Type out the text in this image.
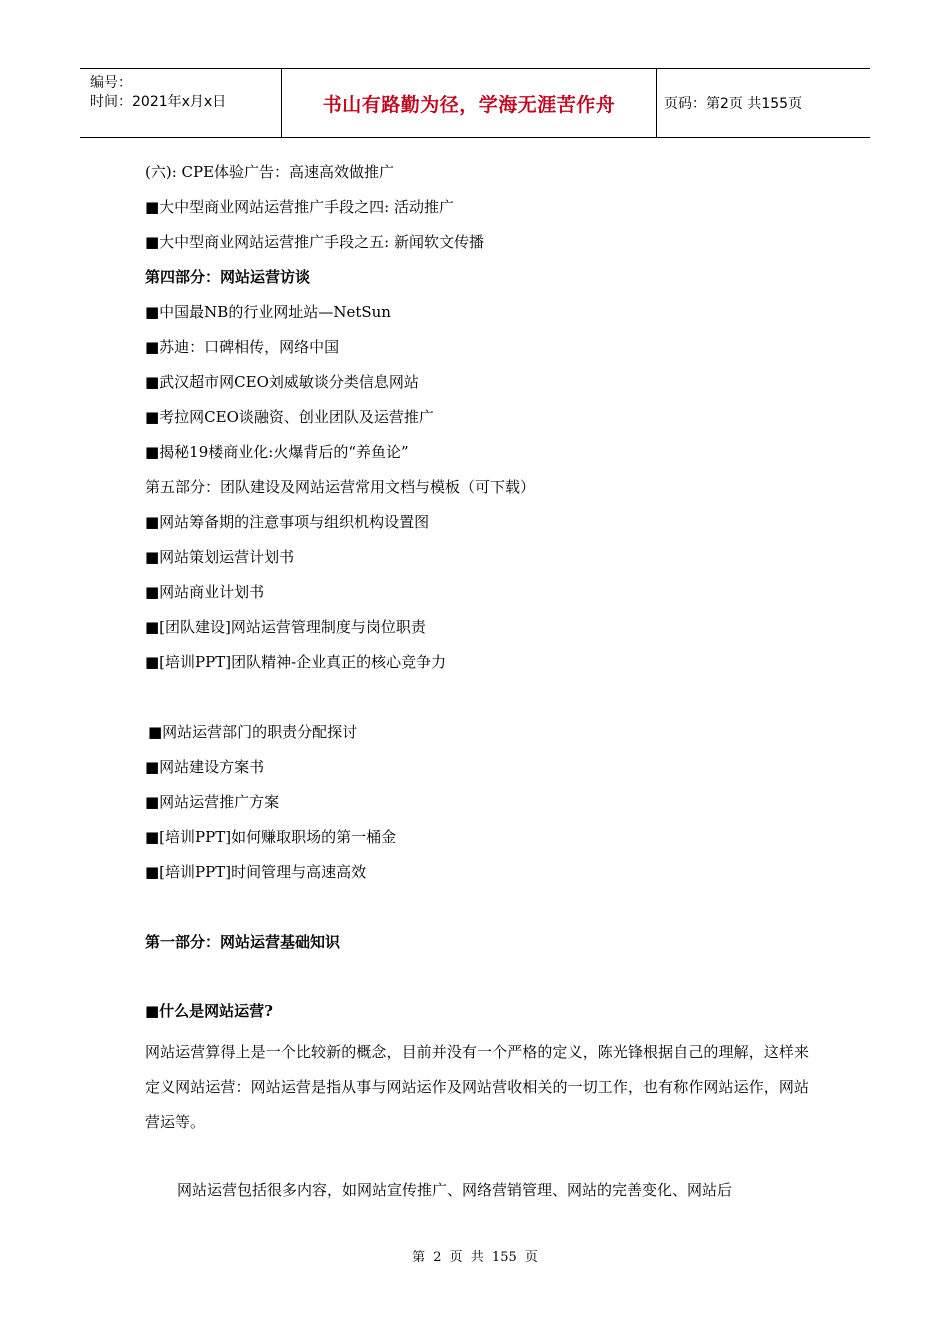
编号：
时间：2021年x月x日	书山有路勤为径，学海无涯苦作舟	页码：第2页 共155页
(六): CPE体验广告：高速高效做推广
■大中型商业网站运营推广手段之四: 活动推广
■大中型商业网站运营推广手段之五: 新闻软文传播
第四部分：网站运营访谈
■中国最NB的行业网址站—NetSun
■苏迪：口碑相传，网络中国
■武汉超市网CEO刘威敏谈分类信息网站
■考拉网CEO谈融资、创业团队及运营推广
■揭秘19楼商业化:火爆背后的“养鱼论”
第五部分：团队建设及网站运营常用文档与模板（可下载）
■网站筹备期的注意事项与组织机构设置图
■网站策划运营计划书
■网站商业计划书
■[团队建设]网站运营管理制度与岗位职责
■[培训PPT]团队精神-企业真正的核心竞争力
■网站运营部门的职责分配探讨
■网站建设方案书
■网站运营推广方案
■[培训PPT]如何赚取职场的第一桶金
■[培训PPT]时间管理与高速高效
第一部分：网站运营基础知识
■什么是网站运营?
网站运营算得上是一个比较新的概念，目前并没有一个严格的定义，陈光锋根据自己的理解，这样来定义网站运营：网站运营是指从事与网站运作及网站营收相关的一切工作，也有称作网站运作，网站营运等。
网站运营包括很多内容，如网站宣传推广、网络营销管理、网站的完善变化、网站后
第 2 页 共 155 页
